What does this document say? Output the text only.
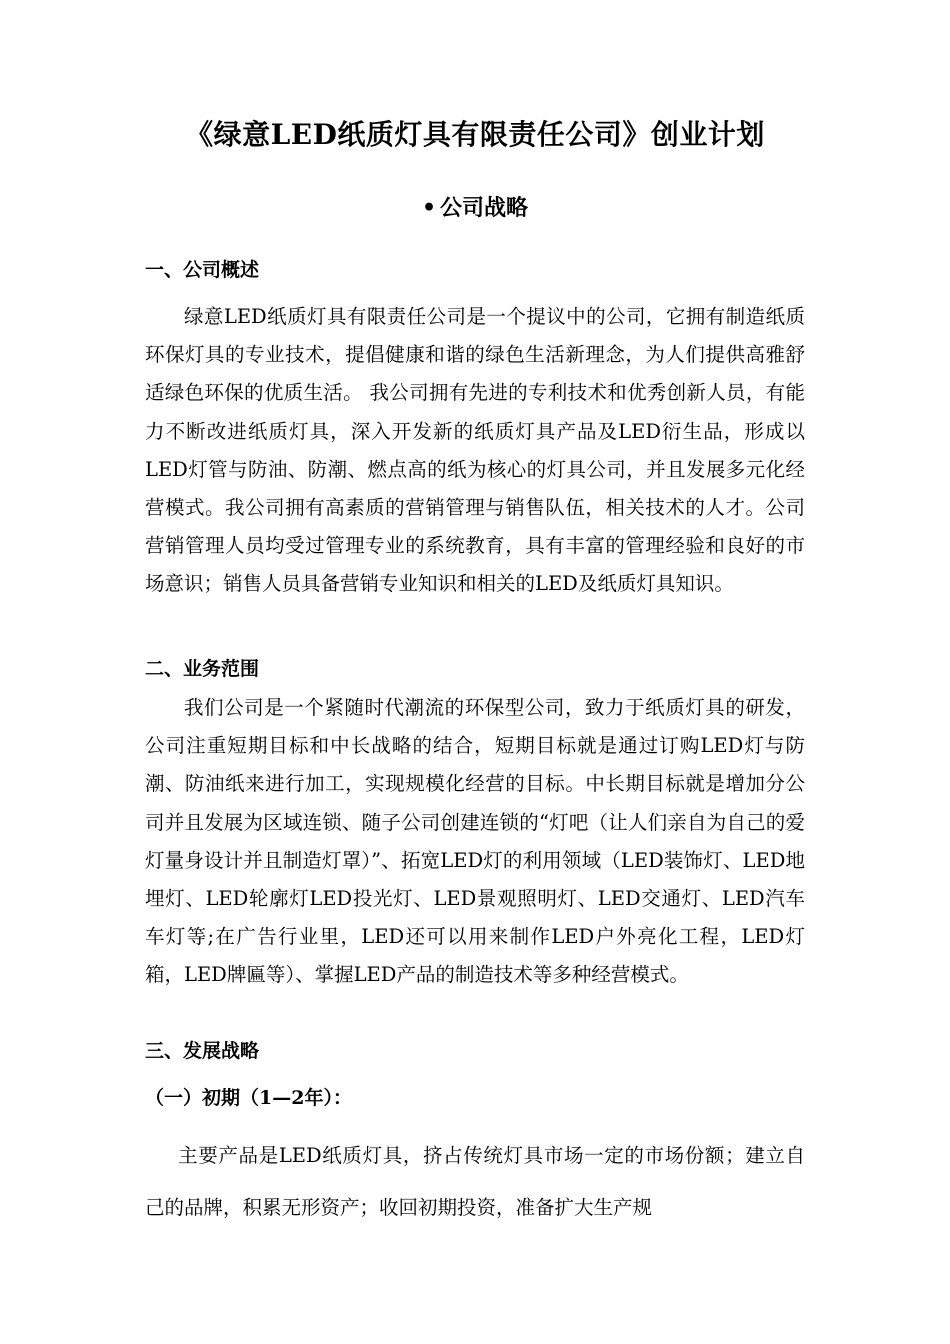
《绿意LED纸质灯具有限责任公司》创业计划
• 公司战略
一、公司概述

绿意LED纸质灯具有限责任公司是一个提议中的公司，它拥有制造纸质环保灯具的专业技术，提倡健康和谐的绿色生活新理念，为人们提供高雅舒适绿色环保的优质生活。 我公司拥有先进的专利技术和优秀创新人员，有能力不断改进纸质灯具，深入开发新的纸质灯具产品及LED衍生品，形成以LED灯管与防油、防潮、燃点高的纸为核心的灯具公司，并且发展多元化经营模式。我公司拥有高素质的营销管理与销售队伍，相关技术的人才。公司营销管理人员均受过管理专业的系统教育，具有丰富的管理经验和良好的市场意识；销售人员具备营销专业知识和相关的LED及纸质灯具知识。

二、业务范围

我们公司是一个紧随时代潮流的环保型公司，致力于纸质灯具的研发，公司注重短期目标和中长战略的结合，短期目标就是通过订购LED灯与防潮、防油纸来进行加工，实现规模化经营的目标。中长期目标就是增加分公司并且发展为区域连锁、随子公司创建连锁的“灯吧（让人们亲自为自己的爱灯量身设计并且制造灯罩）”、拓宽LED灯的利用领域（LED装饰灯、LED地埋灯、LED轮廓灯LED投光灯、LED景观照明灯、LED交通灯、LED汽车车灯等;在广告行业里，LED还可以用来制作LED户外亮化工程，LED灯箱，LED牌匾等）、掌握LED产品的制造技术等多种经营模式。

三、发展战略
（一）初期（1—2年）：

主要产品是LED纸质灯具，挤占传统灯具市场一定的市场份额；建立自己的品牌，积累无形资产；收回初期投资，准备扩大生产规
